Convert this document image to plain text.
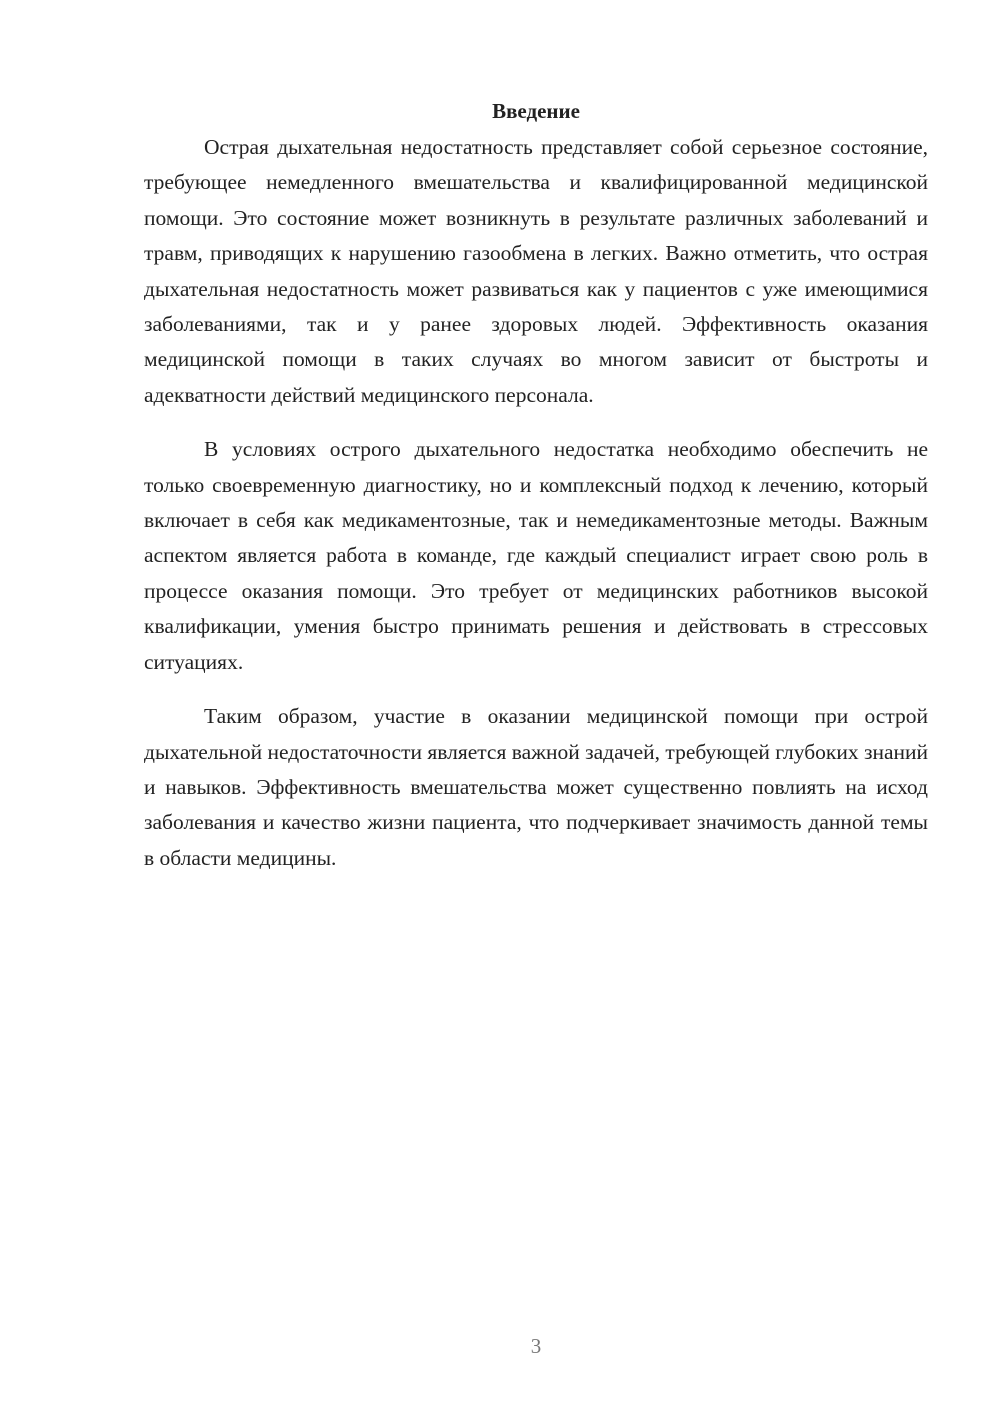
Введение

Острая дыхательная недостатность представляет собой серьезное состояние, требующее немедленного вмешательства и квалифицированной медицинской помощи. Это состояние может возникнуть в результате различных заболеваний и травм, приводящих к нарушению газообмена в легких. Важно отметить, что острая дыхательная недостатность может развиваться как у пациентов с уже имеющимися заболеваниями, так и у ранее здоровых людей. Эффективность оказания медицинской помощи в таких случаях во многом зависит от быстроты и адекватности действий медицинского персонала.

В условиях острого дыхательного недостатка необходимо обеспечить не только своевременную диагностику, но и комплексный подход к лечению, который включает в себя как медикаментозные, так и немедикаментозные методы. Важным аспектом является работа в команде, где каждый специалист играет свою роль в процессе оказания помощи. Это требует от медицинских работников высокой квалификации, умения быстро принимать решения и действовать в стрессовых ситуациях.

Таким образом, участие в оказании медицинской помощи при острой дыхательной недостаточности является важной задачей, требующей глубоких знаний и навыков. Эффективность вмешательства может существенно повлиять на исход заболевания и качество жизни пациента, что подчеркивает значимость данной темы в области медицины.

3
